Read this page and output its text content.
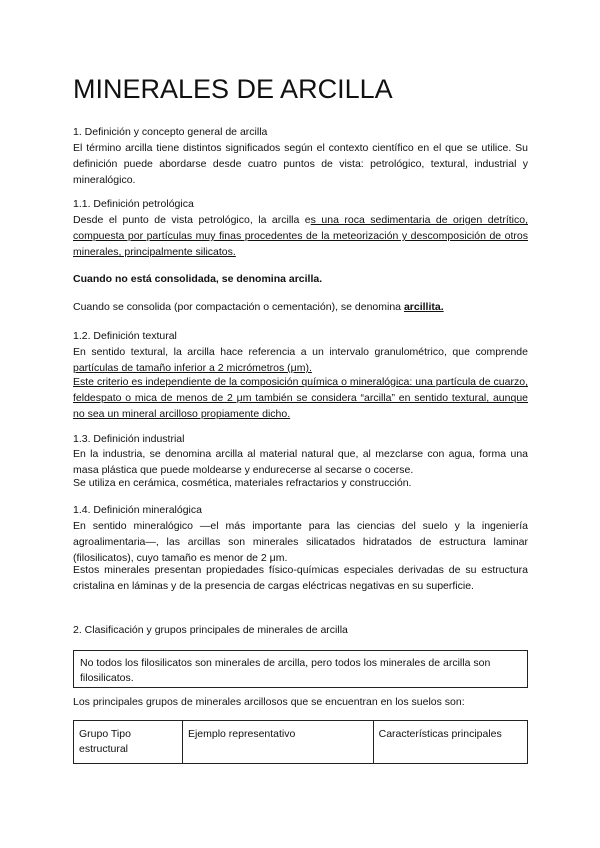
MINERALES DE ARCILLA

1. Definición y concepto general de arcilla

El término arcilla tiene distintos significados según el contexto científico en el que se utilice. Su definición puede abordarse desde cuatro puntos de vista: petrológico, textural, industrial y mineralógico.

1.1. Definición petrológica

Desde el punto de vista petrológico, la arcilla es una roca sedimentaria de origen detrítico, compuesta por partículas muy finas procedentes de la meteorización y descomposición de otros minerales, principalmente silicatos.

Cuando no está consolidada, se denomina arcilla.

Cuando se consolida (por compactación o cementación), se denomina arcillita.

1.2. Definición textural

En sentido textural, la arcilla hace referencia a un intervalo granulométrico, que comprende partículas de tamaño inferior a 2 micrómetros (μm).

Este criterio es independiente de la composición química o mineralógica: una partícula de cuarzo, feldespato o mica de menos de 2 μm también se considera “arcilla” en sentido textural, aunque no sea un mineral arcilloso propiamente dicho.

1.3. Definición industrial

En la industria, se denomina arcilla al material natural que, al mezclarse con agua, forma una masa plástica que puede moldearse y endurecerse al secarse o cocerse.

Se utiliza en cerámica, cosmética, materiales refractarios y construcción.

1.4. Definición mineralógica

En sentido mineralógico —el más importante para las ciencias del suelo y la ingeniería agroalimentaria—, las arcillas son minerales silicatados hidratados de estructura laminar (filosilicatos), cuyo tamaño es menor de 2 μm.

Estos minerales presentan propiedades físico-químicas especiales derivadas de su estructura cristalina en láminas y de la presencia de cargas eléctricas negativas en su superficie.

2. Clasificación y grupos principales de minerales de arcilla

No todos los filosilicatos son minerales de arcilla, pero todos los minerales de arcilla son filosilicatos.

Los principales grupos de minerales arcillosos que se encuentran en los suelos son:

Grupo Tipo estructural	Ejemplo representativo	Características principales
